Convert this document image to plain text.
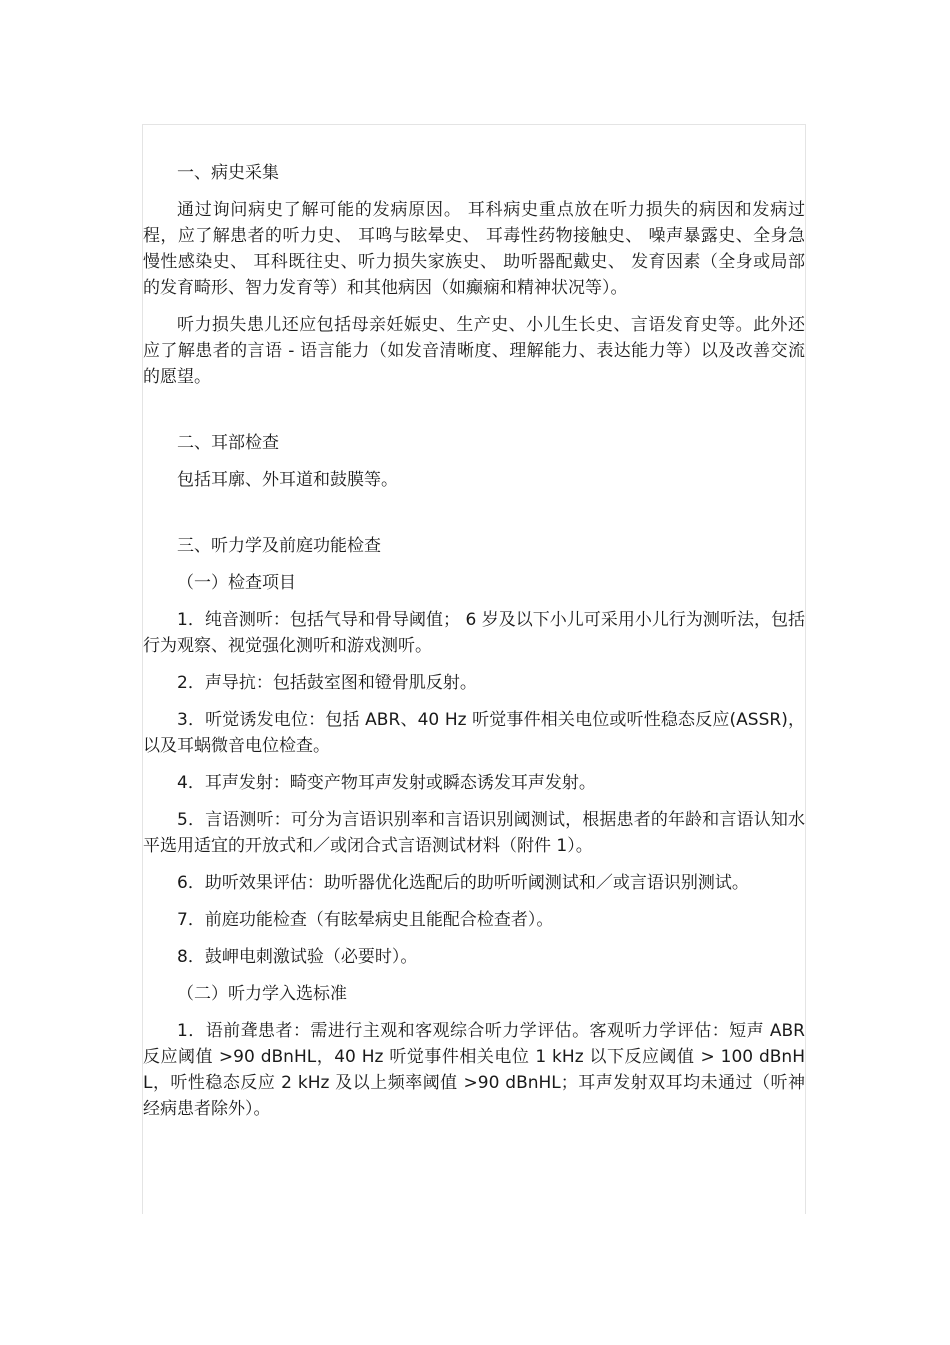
一、病史采集

通过询问病史了解可能的发病原因。 耳科病史重点放在听力损失的病因和发病过程，应了解患者的听力史、 耳鸣与眩晕史、 耳毒性药物接触史、 噪声暴露史、全身急慢性感染史、 耳科既往史、听力损失家族史、 助听器配戴史、 发育因素（全身或局部的发育畸形、智力发育等）和其他病因（如癫痫和精神状况等）。

听力损失患儿还应包括母亲妊娠史、生产史、小儿生长史、言语发育史等。此外还应了解患者的言语 - 语言能力（如发音清晰度、理解能力、表达能力等）以及改善交流的愿望。

二、耳部检查

包括耳廓、外耳道和鼓膜等。

三、听力学及前庭功能检查

（一）检查项目

1．纯音测听：包括气导和骨导阈值； 6 岁及以下小儿可采用小儿行为测听法，包括行为观察、视觉强化测听和游戏测听。

2．声导抗：包括鼓室图和镫骨肌反射。

3．听觉诱发电位：包括 ABR、40 Hz 听觉事件相关电位或听性稳态反应(ASSR)，以及耳蜗微音电位检查。

4．耳声发射：畸变产物耳声发射或瞬态诱发耳声发射。

5．言语测听：可分为言语识别率和言语识别阈测试，根据患者的年龄和言语认知水平选用适宜的开放式和／或闭合式言语测试材料（附件 1）。

6．助听效果评估：助听器优化选配后的助听听阈测试和／或言语识别测试。

7．前庭功能检查（有眩晕病史且能配合检查者）。

8．鼓岬电刺激试验（必要时）。

（二）听力学入选标准

1．语前聋患者：需进行主观和客观综合听力学评估。客观听力学评估：短声 ABR 反应阈值 >90 dBnHL，40 Hz 听觉事件相关电位 1 kHz 以下反应阈值 > 100 dBnHL，听性稳态反应 2 kHz 及以上频率阈值 >90 dBnHL；耳声发射双耳均未通过（听神经病患者除外）。
